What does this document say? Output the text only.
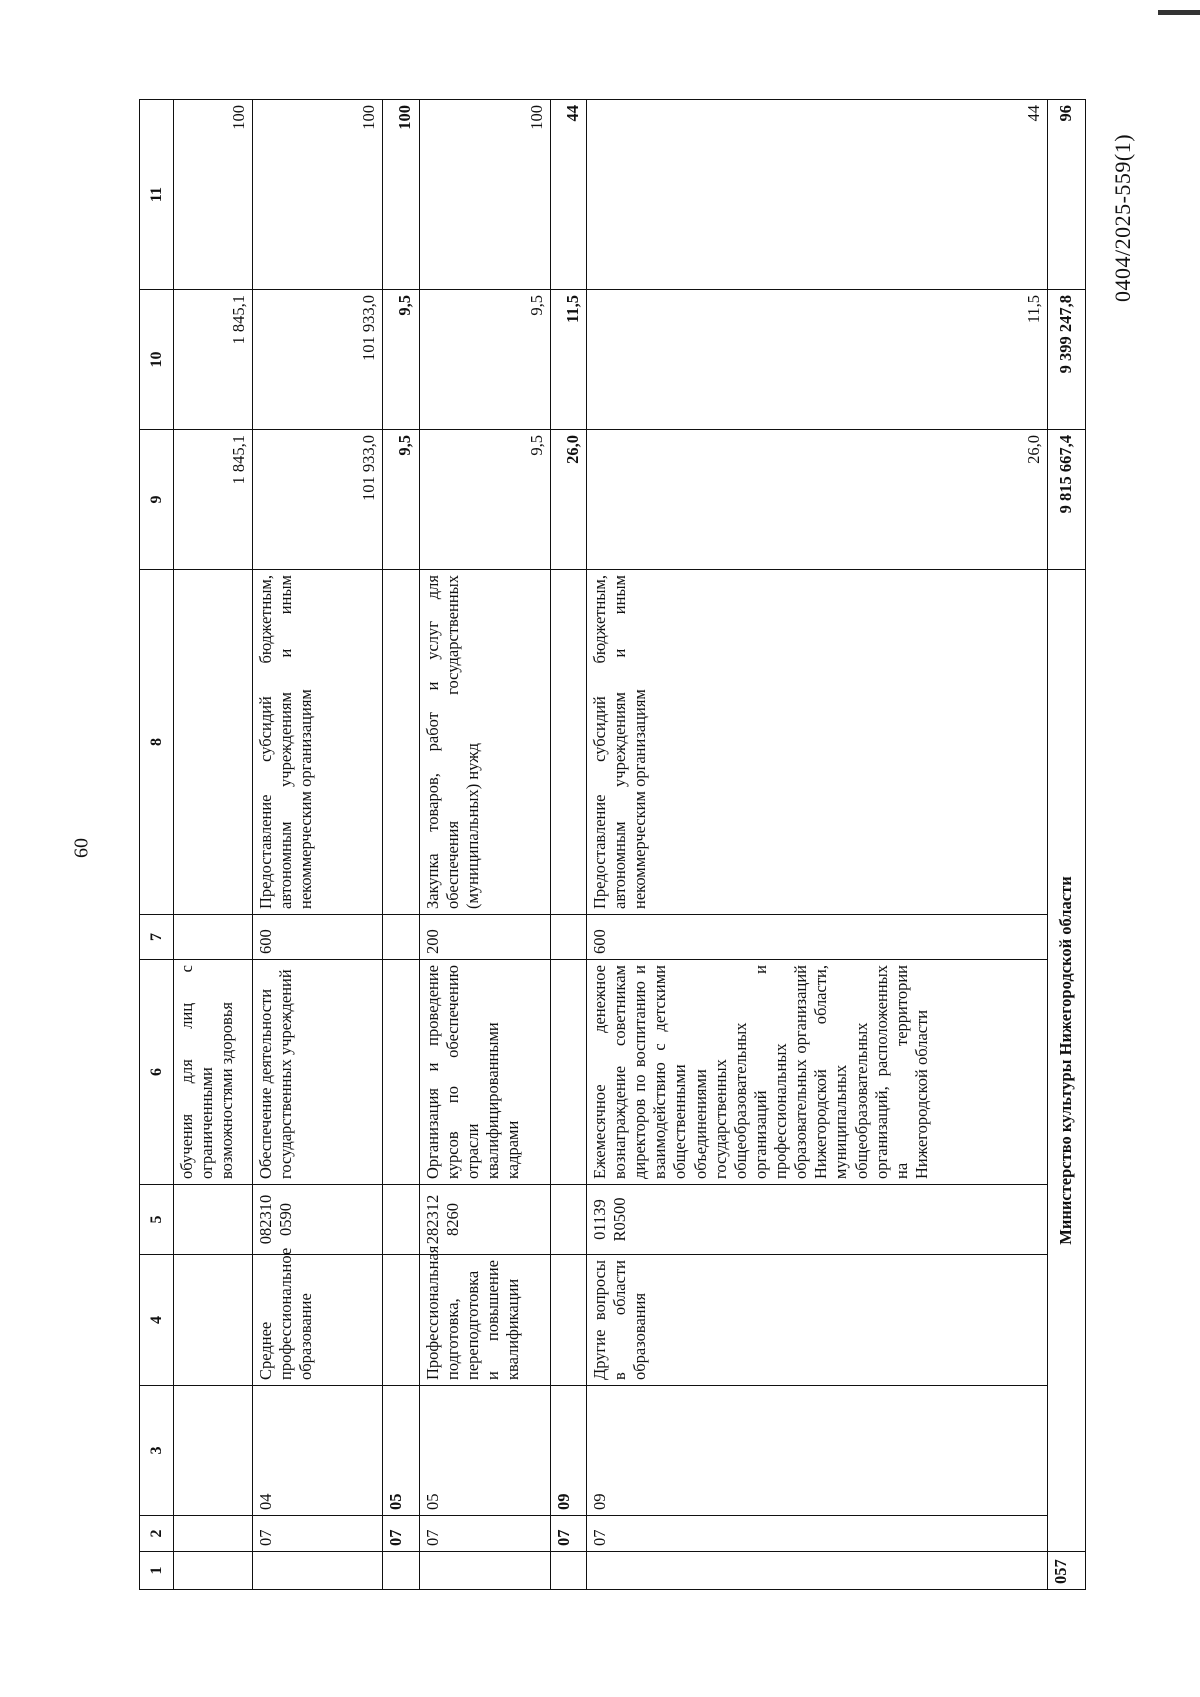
60
0404/2025-559(1)
1	2	3	4	5	6	7	8	9	10	11
					обучения для лиц с ограниченными возможностями здоровья			1 845,1	1 845,1	100
	07	04	Среднее профессиональное образование	082310 0590	Обеспечение деятельности государственных учреждений	600	Предоставление субсидий бюджетным, автономным учреждениям и иным некоммерческим организациям	101 933,0	101 933,0	100
	07	05						9,5	9,5	100
	07	05	Профессиональная подготовка, переподготовка и повышение квалификации	282312 8260	Организация и проведение курсов по обеспечению отрасли квалифицированными кадрами	200	Закупка товаров, работ и услуг для обеспечения государственных (муниципальных) нужд	9,5	9,5	100
	07	09						26,0	11,5	44
	07	09	Другие вопросы в области образования	01139 R0500	Ежемесячное денежное вознаграждение советникам директоров по воспитанию и взаимодействию с детскими общественными объединениями государственных общеобразовательных организаций и профессиональных образовательных организаций Нижегородской области, муниципальных общеобразовательных организаций, расположенных на территории Нижегородской области	600	Предоставление субсидий бюджетным, автономным учреждениям и иным некоммерческим организациям	26,0	11,5	44
057	Министерство культуры Нижегородской области							9 815 667,4	9 399 247,8	96
